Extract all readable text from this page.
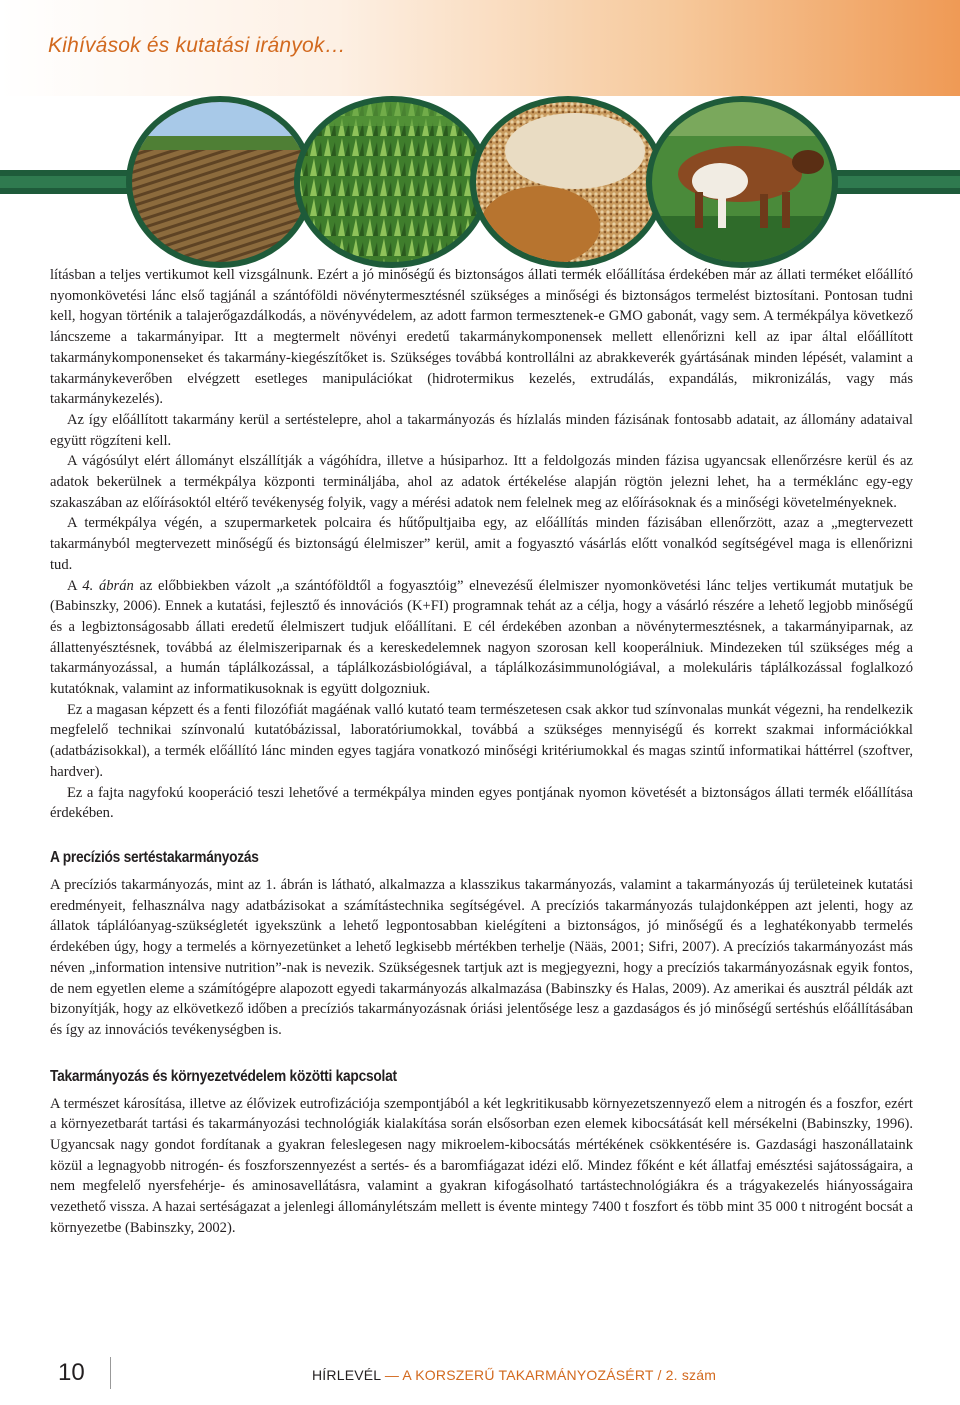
Kihívások és kutatási irányok…

lításban a teljes vertikumot kell vizsgálnunk. Ezért a jó minőségű és biztonságos állati termék előállítása érdekében már az állati terméket előállító nyomonkövetési lánc első tagjánál a szántóföldi növénytermesztésnél szükséges a minőségi és biztonságos termelést biztosítani. Pontosan tudni kell, hogyan történik a talajerőgazdálkodás, a növényvédelem, az adott farmon termesztenek-e GMO gabonát, vagy sem. A termékpálya következő láncszeme a takarmányipar. Itt a megtermelt növényi eredetű takarmánykomponensek mellett ellenőrizni kell az ipar által előállított takarmánykomponenseket és takarmány-kiegészítőket is. Szükséges továbbá kontrollálni az abrakkeverék gyártásának minden lépését, valamint a takarmánykeverőben elvégzett esetleges manipulációkat (hidrotermikus kezelés, extrudálás, expandálás, mikronizálás, vagy más takarmánykezelés).

Az így előállított takarmány kerül a sertéstelepre, ahol a takarmányozás és hízlalás minden fázisának fontosabb adatait, az állomány adataival együtt rögzíteni kell.

A vágósúlyt elért állományt elszállítják a vágóhídra, illetve a húsiparhoz. Itt a feldolgozás minden fázisa ugyancsak ellenőrzésre kerül és az adatok bekerülnek a termékpálya központi termináljába, ahol az adatok értékelése alapján rögtön jelezni lehet, ha a terméklánc egy-egy szakaszában az előírásoktól eltérő tevékenység folyik, vagy a mérési adatok nem felelnek meg az előírásoknak és a minőségi követelményeknek.

A termékpálya végén, a szupermarketek polcaira és hűtőpultjaiba egy, az előállítás minden fázisában ellenőrzött, azaz a „megtervezett takarmányból megtervezett minőségű és biztonságú élelmiszer” kerül, amit a fogyasztó vásárlás előtt vonalkód segítségével maga is ellenőrizni tud.

A 4. ábrán az előbbiekben vázolt „a szántóföldtől a fogyasztóig” elnevezésű élelmiszer nyomonkövetési lánc teljes vertikumát mutatjuk be (Babinszky, 2006). Ennek a kutatási, fejlesztő és innovációs (K+FI) programnak tehát az a célja, hogy a vásárló részére a lehető legjobb minőségű és a legbiztonságosabb állati eredetű élelmiszert tudjuk előállítani. E cél érdekében azonban a növénytermesztésnek, a takarmányiparnak, az állattenyésztésnek, továbbá az élelmiszeriparnak és a kereskedelemnek nagyon szorosan kell kooperálniuk. Mindezeken túl szükséges még a takarmányozással, a humán táplálkozással, a táplálkozásbiológiával, a táplálkozásimmunológiával, a molekuláris táplálkozással foglalkozó kutatóknak, valamint az informatikusoknak is együtt dolgozniuk.

Ez a magasan képzett és a fenti filozófiát magáénak valló kutató team természetesen csak akkor tud színvonalas munkát végezni, ha rendelkezik megfelelő technikai színvonalú kutatóbázissal, laboratóriumokkal, továbbá a szükséges mennyiségű és korrekt szakmai információkkal (adatbázisokkal), a termék előállító lánc minden egyes tagjára vonatkozó minőségi kritériumokkal és magas szintű informatikai háttérrel (szoftver, hardver).

Ez a fajta nagyfokú kooperáció teszi lehetővé a termékpálya minden egyes pontjának nyomon követését a biztonságos állati termék előállítása érdekében.

A precíziós sertéstakarmányozás

A precíziós takarmányozás, mint az 1. ábrán is látható, alkalmazza a klasszikus takarmányozás, valamint a takarmányozás új területeinek kutatási eredményeit, felhasználva nagy adatbázisokat a számítástechnika segítségével. A precíziós takarmányozás tulajdonképpen azt jelenti, hogy az állatok táplálóanyag-szükségletét igyekszünk a lehető legpontosabban kielégíteni a biztonságos, jó minőségű és a leghatékonyabb termelés érdekében úgy, hogy a termelés a környezetünket a lehető legkisebb mértékben terhelje (Nääs, 2001; Sifri, 2007). A precíziós takarmányozást más néven „information intensive nutrition”-nak is nevezik. Szükségesnek tartjuk azt is megjegyezni, hogy a precíziós takarmányozásnak egyik fontos, de nem egyetlen eleme a számítógépre alapozott egyedi takarmányozás alkalmazása (Babinszky és Halas, 2009). Az amerikai és ausztrál példák azt bizonyítják, hogy az elkövetkező időben a precíziós takarmányozásnak óriási jelentősége lesz a gazdaságos és jó minőségű sertéshús előállításában és így az innovációs tevékenységben is.

Takarmányozás és környezetvédelem közötti kapcsolat

A természet károsítása, illetve az élővizek eutrofizációja szempontjából a két legkritikusabb környezetszennyező elem a nitrogén és a foszfor, ezért a környezetbarát tartási és takarmányozási technológiák kialakítása során elsősorban ezen elemek kibocsátását kell mérsékelni (Babinszky, 1996). Ugyancsak nagy gondot fordítanak a gyakran feleslegesen nagy mikroelem-kibocsátás mértékének csökkentésére is. Gazdasági haszonállataink közül a legnagyobb nitrogén- és foszforszennyezést a sertés- és a baromfiágazat idézi elő. Mindez főként e két állatfaj emésztési sajátosságaira, a nem megfelelő nyersfehérje- és aminosavellátásra, valamint a gyakran kifogásolható tartástechnológiákra és a trágyakezelés hiányosságaira vezethető vissza. A hazai sertéságazat a jelenlegi állománylétszám mellett is évente mintegy 7400 t foszfort és több mint 35 000 t nitrogént bocsát a környezetbe (Babinszky, 2002).

10	HÍRLEVÉL — A KORSZERŰ TAKARMÁNYOZÁSÉRT / 2. szám
